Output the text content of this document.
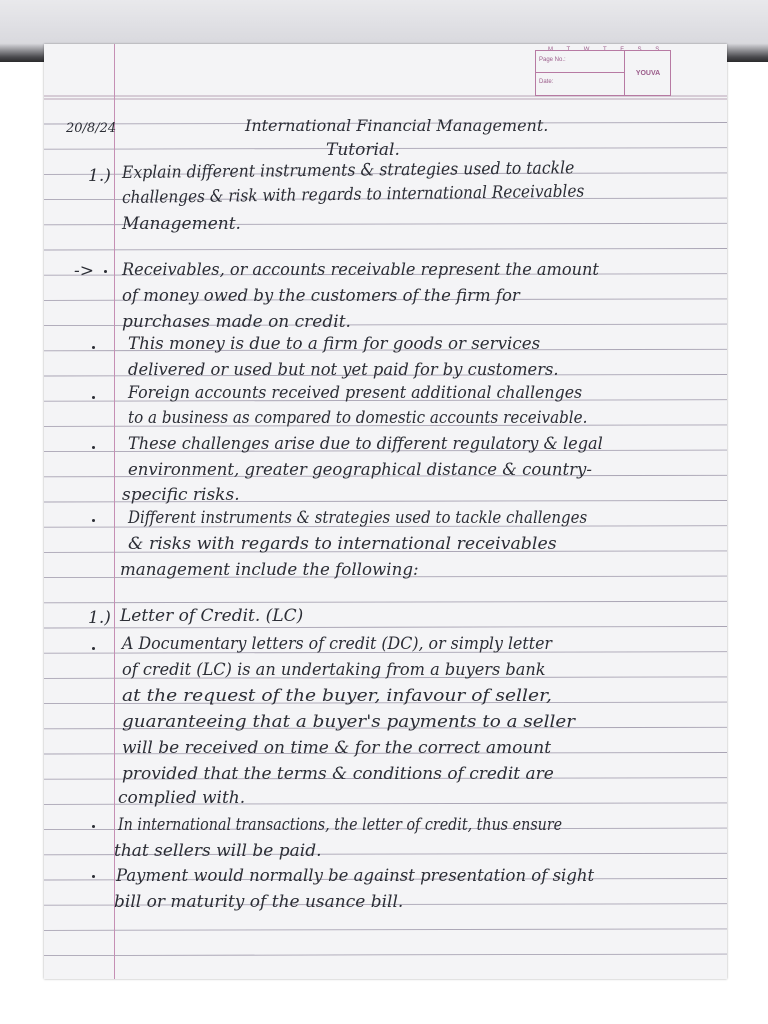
M T W T F S S
Page No.:
Date:
YOUVA
20/8/24	International Financial Management.
Tutorial.
1.) Explain different instruments & strategies used to tackle
challenges & risk with regards to international Receivables
Management.
-> Receivables, or accounts receivable represent the amount
of money owed by the customers of the firm for
purchases made on credit.
This money is due to a firm for goods or services
delivered or used but not yet paid for by customers.
Foreign accounts received present additional challenges
to a business as compared to domestic accounts receivable.
These challenges arise due to different regulatory & legal
environment, greater geographical distance & country-
specific risks.
Different instruments & strategies used to tackle challenges
& risks with regards to international receivables
management include the following:
1.) Letter of Credit. (LC)
A Documentary letters of credit (DC), or simply letter
of credit (LC) is an undertaking from a buyers bank
at the request of the buyer, infavour of seller,
guaranteeing that a buyer's payments to a seller
will be received on time & for the correct amount
provided that the terms & conditions of credit are
complied with.
In international transactions, the letter of credit, thus ensure
that sellers will be paid.
Payment would normally be against presentation of sight
bill or maturity of the usance bill.
